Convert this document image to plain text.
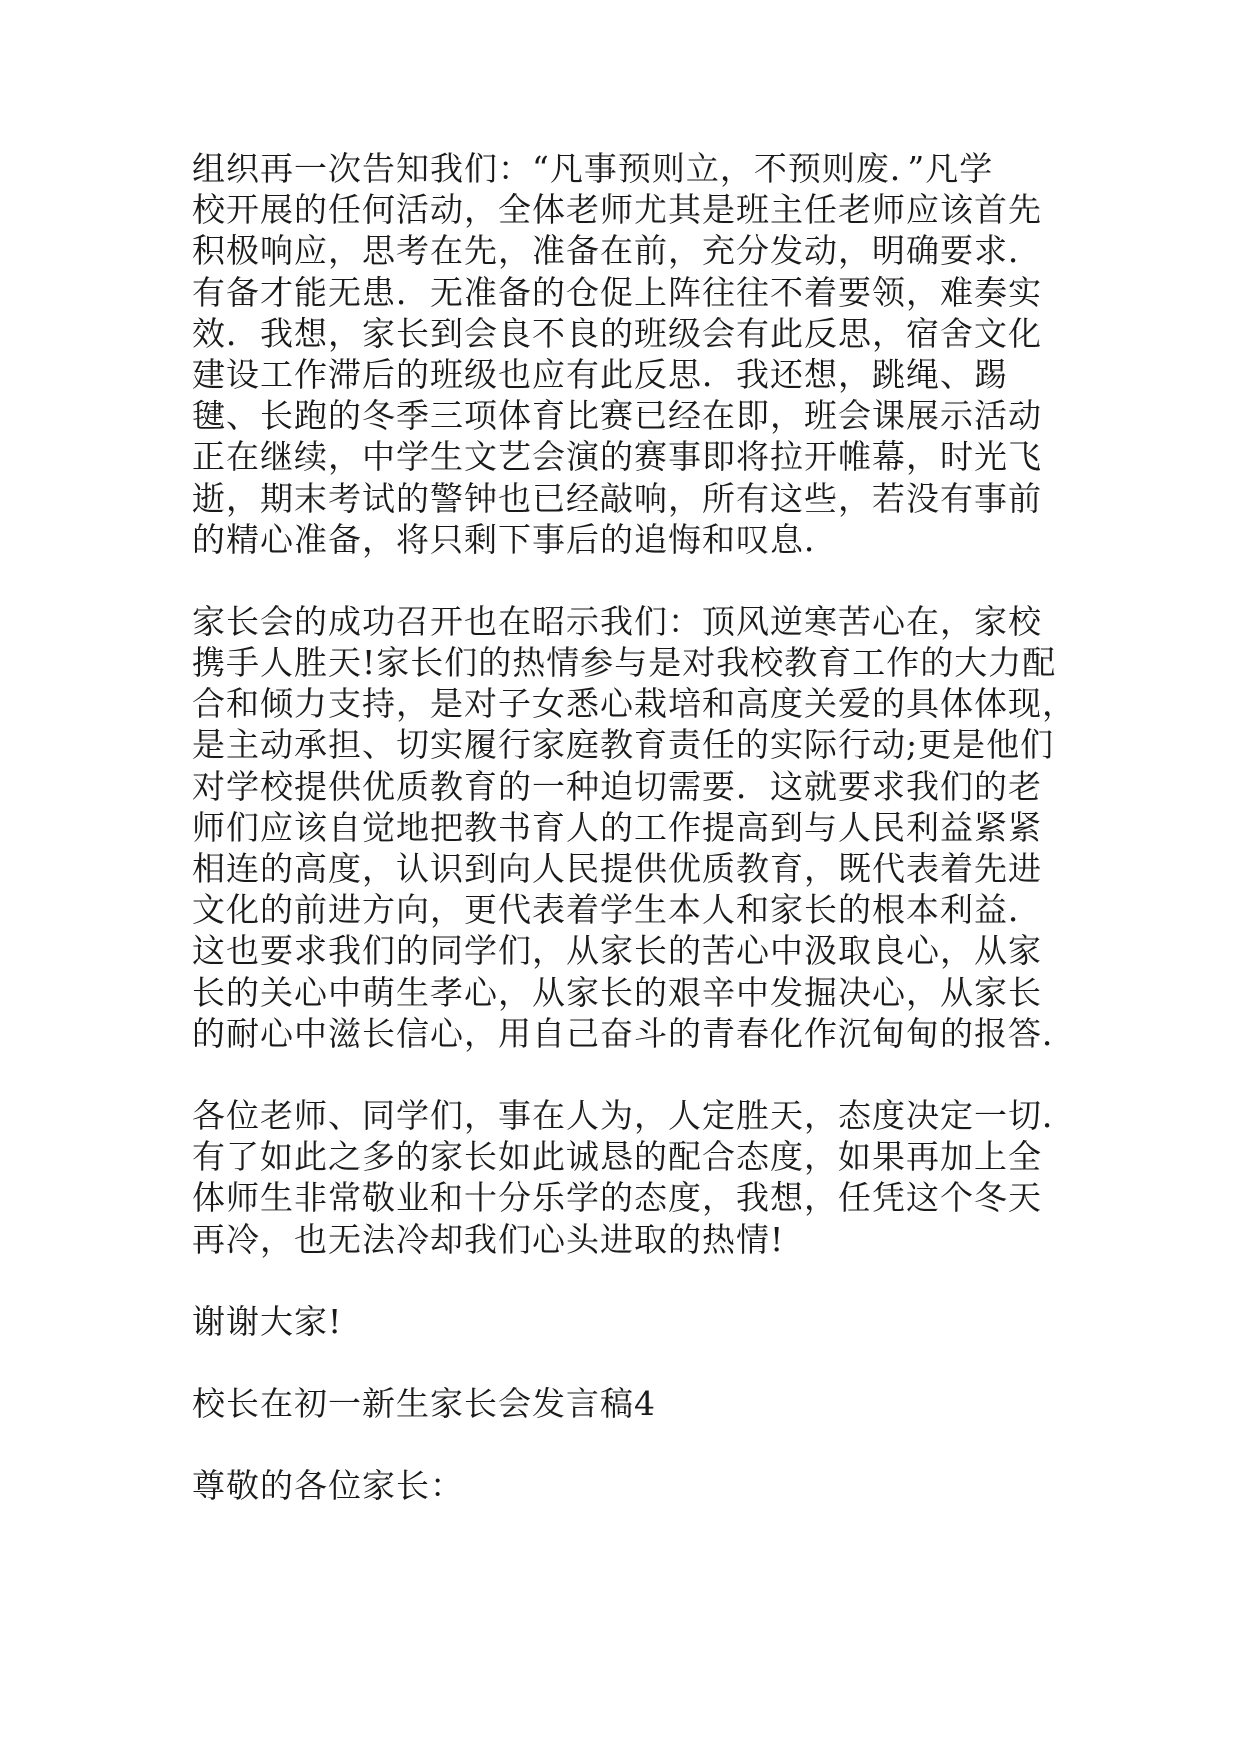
组织再一次告知我们：“凡事预则立，不预则废．”凡学
校开展的任何活动，全体老师尤其是班主任老师应该首先
积极响应，思考在先，准备在前，充分发动，明确要求．
有备才能无患．无准备的仓促上阵往往不着要领，难奏实
效．我想，家长到会良不良的班级会有此反思，宿舍文化
建设工作滞后的班级也应有此反思．我还想，跳绳、踢
毽、长跑的冬季三项体育比赛已经在即，班会课展示活动
正在继续，中学生文艺会演的赛事即将拉开帷幕，时光飞
逝，期末考试的警钟也已经敲响，所有这些，若没有事前
的精心准备，将只剩下事后的追悔和叹息．
家长会的成功召开也在昭示我们：顶风逆寒苦心在，家校
携手人胜天!家长们的热情参与是对我校教育工作的大力配
合和倾力支持，是对子女悉心栽培和高度关爱的具体体现，
是主动承担、切实履行家庭教育责任的实际行动;更是他们
对学校提供优质教育的一种迫切需要．这就要求我们的老
师们应该自觉地把教书育人的工作提高到与人民利益紧紧
相连的高度，认识到向人民提供优质教育，既代表着先进
文化的前进方向，更代表着学生本人和家长的根本利益．
这也要求我们的同学们，从家长的苦心中汲取良心，从家
长的关心中萌生孝心，从家长的艰辛中发掘决心，从家长
的耐心中滋长信心，用自己奋斗的青春化作沉甸甸的报答．
各位老师、同学们，事在人为，人定胜天，态度决定一切．
有了如此之多的家长如此诚恳的配合态度，如果再加上全
体师生非常敬业和十分乐学的态度，我想，任凭这个冬天
再冷，也无法冷却我们心头进取的热情!
谢谢大家!
校长在初一新生家长会发言稿4
尊敬的各位家长：
